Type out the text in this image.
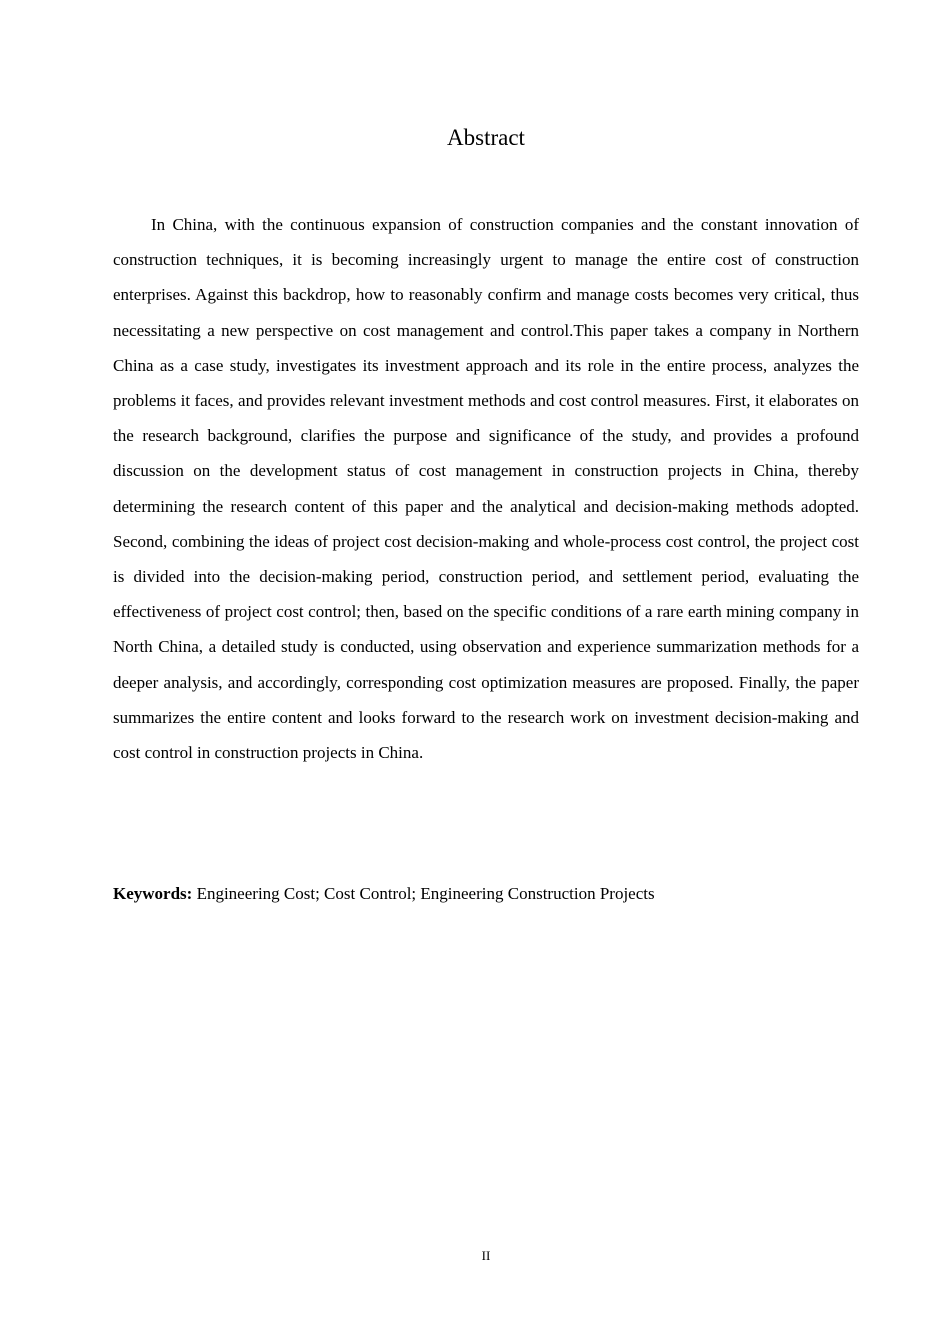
Abstract

In China, with the continuous expansion of construction companies and the constant innovation of construction techniques, it is becoming increasingly urgent to manage the entire cost of construction enterprises. Against this backdrop, how to reasonably confirm and manage costs becomes very critical, thus necessitating a new perspective on cost management and control.This paper takes a company in Northern China as a case study, investigates its investment approach and its role in the entire process, analyzes the problems it faces, and provides relevant investment methods and cost control measures. First, it elaborates on the research background, clarifies the purpose and significance of the study, and provides a profound discussion on the development status of cost management in construction projects in China, thereby determining the research content of this paper and the analytical and decision-making methods adopted. Second, combining the ideas of project cost decision-making and whole-process cost control, the project cost is divided into the decision-making period, construction period, and settlement period, evaluating the effectiveness of project cost control; then, based on the specific conditions of a rare earth mining company in North China, a detailed study is conducted, using observation and experience summarization methods for a deeper analysis, and accordingly, corresponding cost optimization measures are proposed. Finally, the paper summarizes the entire content and looks forward to the research work on investment decision-making and cost control in construction projects in China.

Keywords: Engineering Cost; Cost Control; Engineering Construction Projects

II
